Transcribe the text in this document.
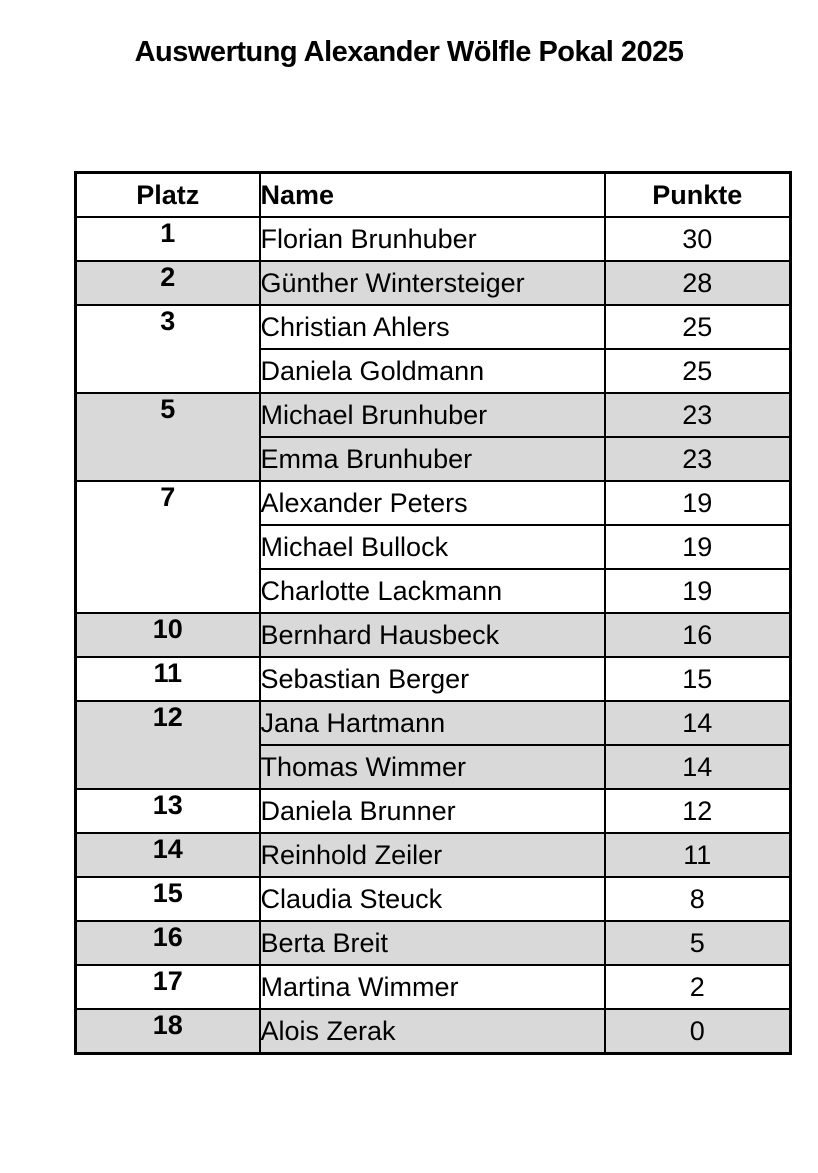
Auswertung Alexander Wölfle Pokal 2025
Platz	Name	Punkte
1	Florian Brunhuber	30
2	Günther Wintersteiger	28
3	Christian Ahlers	25
	Daniela Goldmann	25
5	Michael Brunhuber	23
	Emma Brunhuber	23
7	Alexander Peters	19
	Michael Bullock	19
	Charlotte Lackmann	19
10	Bernhard Hausbeck	16
11	Sebastian Berger	15
12	Jana Hartmann	14
	Thomas Wimmer	14
13	Daniela Brunner	12
14	Reinhold Zeiler	11
15	Claudia Steuck	8
16	Berta Breit	5
17	Martina Wimmer	2
18	Alois Zerak	0
